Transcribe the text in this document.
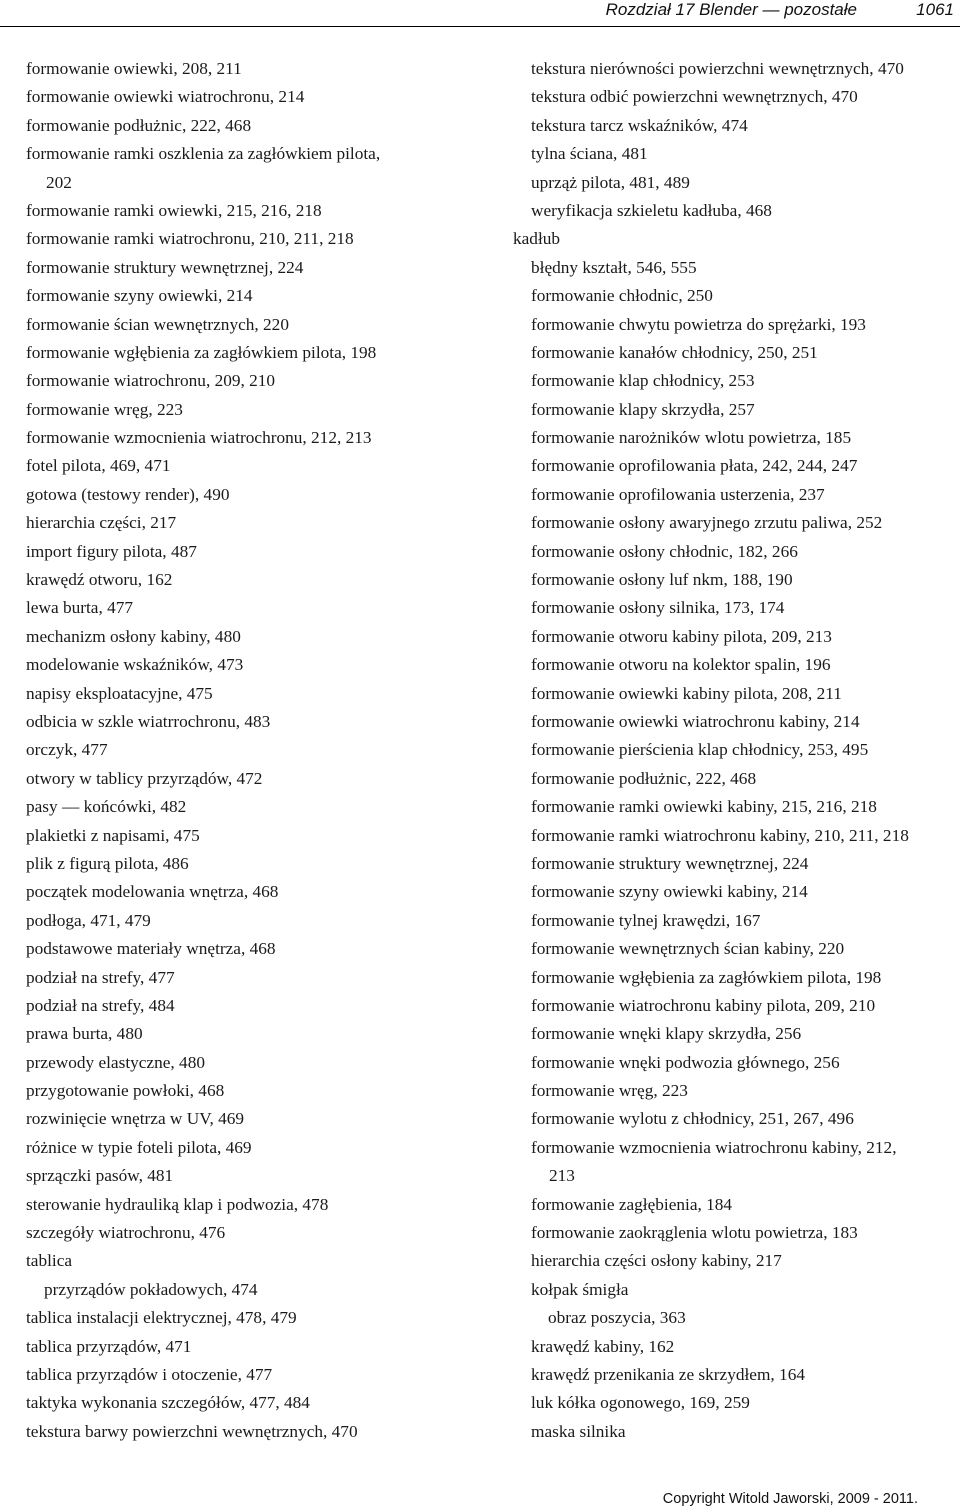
Rozdział 17 Blender — pozostałe	1061
formowanie owiewki, 208, 211
formowanie owiewki wiatrochronu, 214
formowanie podłużnic, 222, 468
formowanie ramki oszklenia za zagłówkiem pilota,
202
formowanie ramki owiewki, 215, 216, 218
formowanie ramki wiatrochronu, 210, 211, 218
formowanie struktury wewnętrznej, 224
formowanie szyny owiewki, 214
formowanie ścian wewnętrznych, 220
formowanie wgłębienia za zagłówkiem pilota, 198
formowanie wiatrochronu, 209, 210
formowanie wręg, 223
formowanie wzmocnienia wiatrochronu, 212, 213
fotel pilota, 469, 471
gotowa (testowy render), 490
hierarchia części, 217
import figury pilota, 487
krawędź otworu, 162
lewa burta, 477
mechanizm osłony kabiny, 480
modelowanie wskaźników, 473
napisy eksploatacyjne, 475
odbicia w szkle wiatrrochronu, 483
orczyk, 477
otwory w tablicy przyrządów, 472
pasy — końcówki, 482
plakietki z napisami, 475
plik z figurą pilota, 486
początek modelowania wnętrza, 468
podłoga, 471, 479
podstawowe materiały wnętrza, 468
podział na strefy, 477
podział na strefy, 484
prawa burta, 480
przewody elastyczne, 480
przygotowanie powłoki, 468
rozwinięcie wnętrza w UV, 469
różnice w typie foteli pilota, 469
sprzączki pasów, 481
sterowanie hydrauliką klap i podwozia, 478
szczegóły wiatrochronu, 476
tablica
przyrządów pokładowych, 474
tablica instalacji elektrycznej, 478, 479
tablica przyrządów, 471
tablica przyrządów i otoczenie, 477
taktyka wykonania szczegółów, 477, 484
tekstura barwy powierzchni wewnętrznych, 470
tekstura nierówności powierzchni wewnętrznych, 470
tekstura odbić powierzchni wewnętrznych, 470
tekstura tarcz wskaźników, 474
tylna ściana, 481
uprząż pilota, 481, 489
weryfikacja szkieletu kadłuba, 468
kadłub
błędny kształt, 546, 555
formowanie chłodnic, 250
formowanie chwytu powietrza do sprężarki, 193
formowanie kanałów chłodnicy, 250, 251
formowanie klap chłodnicy, 253
formowanie klapy skrzydła, 257
formowanie narożników wlotu powietrza, 185
formowanie oprofilowania płata, 242, 244, 247
formowanie oprofilowania usterzenia, 237
formowanie osłony awaryjnego zrzutu paliwa, 252
formowanie osłony chłodnic, 182, 266
formowanie osłony luf nkm, 188, 190
formowanie osłony silnika, 173, 174
formowanie otworu kabiny pilota, 209, 213
formowanie otworu na kolektor spalin, 196
formowanie owiewki kabiny pilota, 208, 211
formowanie owiewki wiatrochronu kabiny, 214
formowanie pierścienia klap chłodnicy, 253, 495
formowanie podłużnic, 222, 468
formowanie ramki owiewki kabiny, 215, 216, 218
formowanie ramki wiatrochronu kabiny, 210, 211, 218
formowanie struktury wewnętrznej, 224
formowanie szyny owiewki kabiny, 214
formowanie tylnej krawędzi, 167
formowanie wewnętrznych ścian kabiny, 220
formowanie wgłębienia za zagłówkiem pilota, 198
formowanie wiatrochronu kabiny pilota, 209, 210
formowanie wnęki klapy skrzydła, 256
formowanie wnęki podwozia głównego, 256
formowanie wręg, 223
formowanie wylotu z chłodnicy, 251, 267, 496
formowanie wzmocnienia wiatrochronu kabiny, 212,
213
formowanie zagłębienia, 184
formowanie zaokrąglenia wlotu powietrza, 183
hierarchia części osłony kabiny, 217
kołpak śmigła
obraz poszycia, 363
krawędź kabiny, 162
krawędź przenikania ze skrzydłem, 164
luk kółka ogonowego, 169, 259
maska silnika
Copyright Witold Jaworski, 2009 - 2011.
